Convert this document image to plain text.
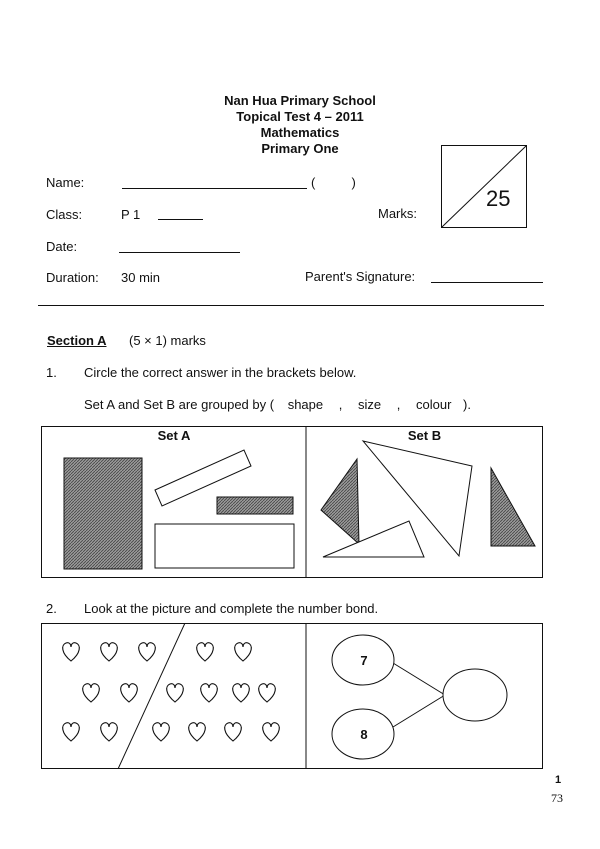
Nan Hua Primary School
Topical Test 4 – 2011
Mathematics
Primary One
Name:	(          )
Class:	P 1	Marks:
25
Date:
Duration: 30 min	Parent's Signature:
Section A (5 × 1) marks
1. Circle the correct answer in the brackets below.
Set A and Set B are grouped by ( shape , size , colour ).
Set A	Set B
2. Look at the picture and complete the number bond.
7
8
1
73
